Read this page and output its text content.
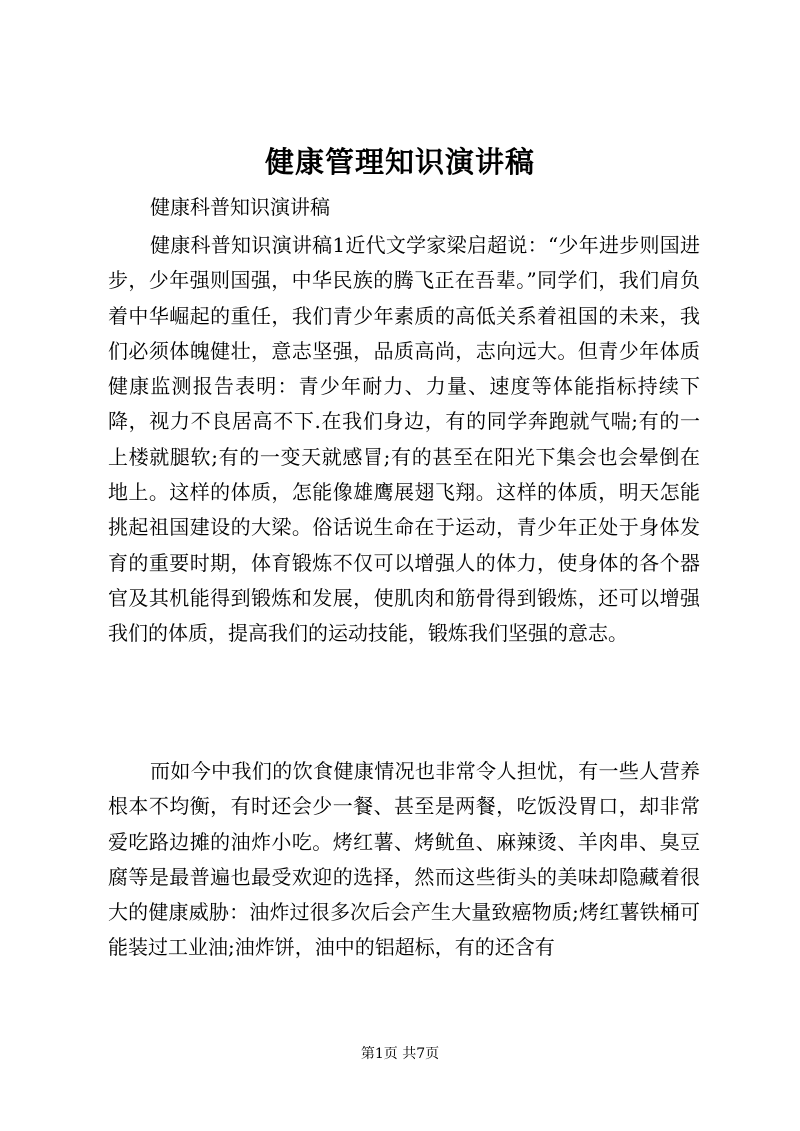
健康管理知识演讲稿

健康科普知识演讲稿

健康科普知识演讲稿1近代文学家梁启超说：“少年进步则国进步，少年强则国强，中华民族的腾飞正在吾辈。”同学们，我们肩负着中华崛起的重任，我们青少年素质的高低关系着祖国的未来，我们必须体魄健壮，意志坚强，品质高尚，志向远大。但青少年体质健康监测报告表明：青少年耐力、力量、速度等体能指标持续下降，视力不良居高不下.在我们身边，有的同学奔跑就气喘;有的一上楼就腿软;有的一变天就感冒;有的甚至在阳光下集会也会晕倒在地上。这样的体质，怎能像雄鹰展翅飞翔。这样的体质，明天怎能挑起祖国建设的大梁。俗话说生命在于运动，青少年正处于身体发育的重要时期，体育锻炼不仅可以增强人的体力，使身体的各个器官及其机能得到锻炼和发展，使肌肉和筋骨得到锻炼，还可以增强我们的体质，提高我们的运动技能，锻炼我们坚强的意志。

而如今中我们的饮食健康情况也非常令人担忧，有一些人营养根本不均衡，有时还会少一餐、甚至是两餐，吃饭没胃口，却非常爱吃路边摊的油炸小吃。烤红薯、烤鱿鱼、麻辣烫、羊肉串、臭豆腐等是最普遍也最受欢迎的选择，然而这些街头的美味却隐藏着很大的健康威胁：油炸过很多次后会产生大量致癌物质;烤红薯铁桶可能装过工业油;油炸饼，油中的铝超标，有的还含有

第1页 共7页
